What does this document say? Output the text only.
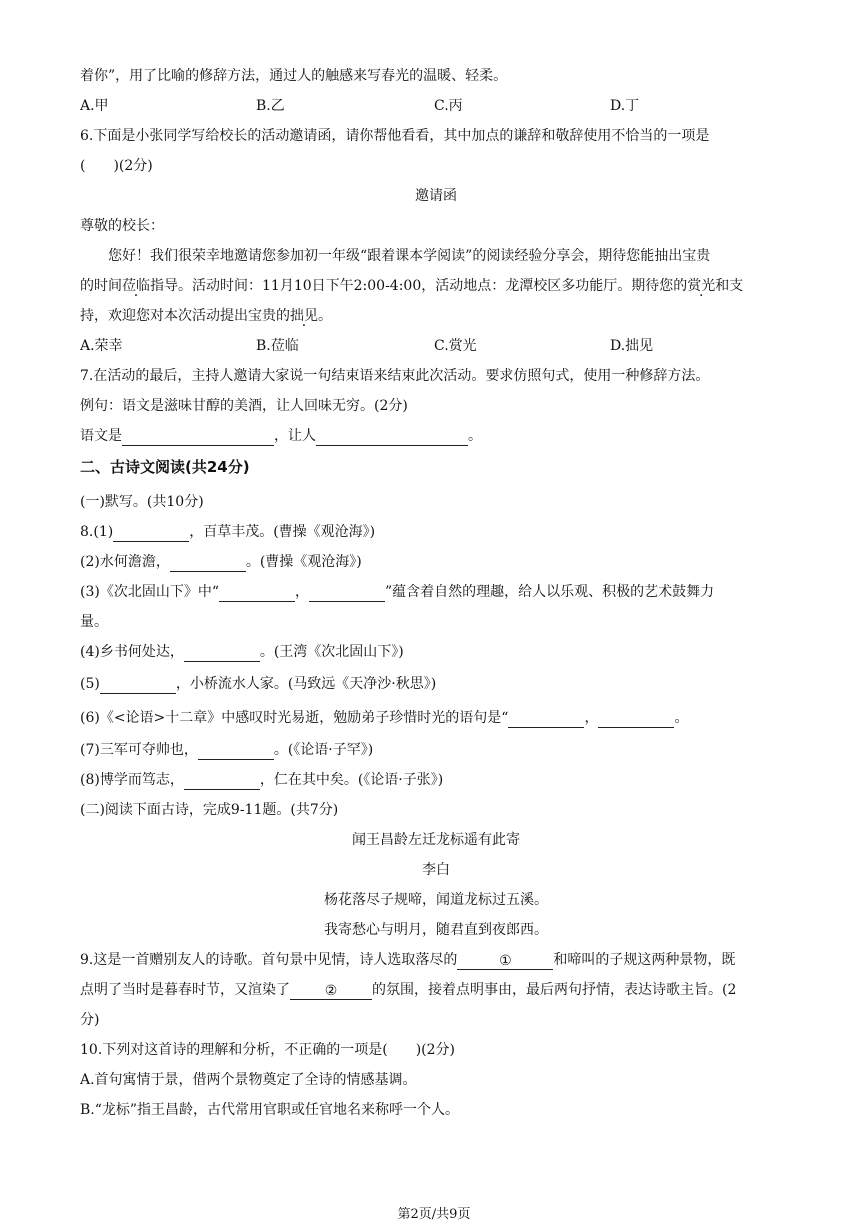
着你”，用了比喻的修辞方法，通过人的触感来写春光的温暖、轻柔。
A.甲	B.乙	C.丙	D.丁
6.下面是小张同学写给校长的活动邀请函，请你帮他看看，其中加点的谦辞和敬辞使用不恰当的一项是
(　　)(2分)
邀请函
尊敬的校长：
您好！我们很荣幸地邀请您参加初一年级“跟着课本学阅读”的阅读经验分享会，期待您能抽出宝贵
的时间莅临指导。活动时间：11月10日下午2:00-4:00，活动地点：龙潭校区多功能厅。期待您的赏光和支
持，欢迎您对本次活动提出宝贵的拙见。
A.荣幸	B.莅临	C.赏光	D.拙见
7.在活动的最后，主持人邀请大家说一句结束语来结束此次活动。要求仿照句式，使用一种修辞方法。
例句：语文是滋味甘醇的美酒，让人回味无穷。(2分)
语文是	，让人	。
二、古诗文阅读(共24分)
(一)默写。(共10分)
8.(1)	，百草丰茂。(曹操《观沧海》)
(2)水何澹澹，	。(曹操《观沧海》)
(3)《次北固山下》中“	，	”蕴含着自然的理趣，给人以乐观、积极的艺术鼓舞力
量。
(4)乡书何处达，	。(王湾《次北固山下》)
(5)	，小桥流水人家。(马致远《天净沙·秋思》)
(6)《<论语>十二章》中感叹时光易逝，勉励弟子珍惜时光的语句是“	，	。
(7)三军可夺帅也，	。(《论语·子罕》)
(8)博学而笃志，	，仁在其中矣。(《论语·子张》)
(二)阅读下面古诗，完成9-11题。(共7分)
闻王昌龄左迁龙标遥有此寄
李白
杨花落尽子规啼，闻道龙标过五溪。
我寄愁心与明月，随君直到夜郎西。
9.这是一首赠别友人的诗歌。首句景中见情，诗人选取落尽的	①	和啼叫的子规这两种景物，既
点明了当时是暮春时节，又渲染了 ② 的氛围，接着点明事由，最后两句抒情，表达诗歌主旨。(2
分)
10.下列对这首诗的理解和分析，不正确的一项是(　　)(2分)
A.首句寓情于景，借两个景物奠定了全诗的情感基调。
B.“龙标”指王昌龄，古代常用官职或任官地名来称呼一个人。
第2页/共9页
